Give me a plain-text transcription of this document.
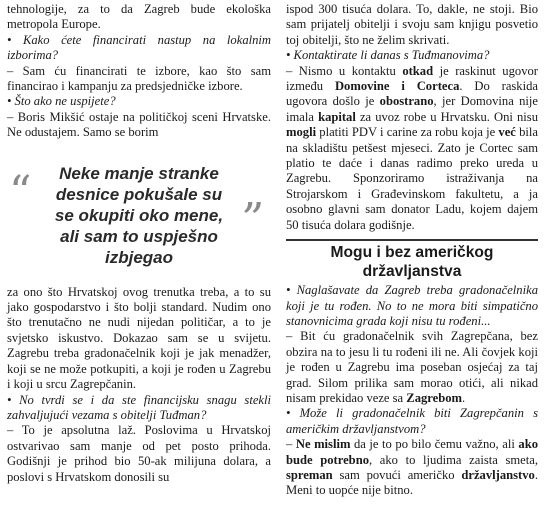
tehnologije, za to da Zagreb bude ekološka metropola Europe.

• Kako ćete financirati nastup na lokalnim izborima?

– Sam ću financirati te izbore, kao što sam financirao i kampanju za predsjedničke izbore.

• Što ako ne uspijete?

– Boris Mikšić ostaje na političkoj sceni Hrvatske. Ne odustajem. Samo se borim

“	Neke manje stranke desnice pokušale su se okupiti oko mene, ali sam to uspješno izbjegao
„

za ono što Hrvatskoj ovog trenutka treba, a to su jako gospodarstvo i što bolji standard. Nudim ono što trenutačno ne nudi nijedan političar, a to je svjetsko iskustvo. Dokazao sam se u svijetu. Zagrebu treba gradonačelnik koji je jak menadžer, koji se ne može potkupiti, a koji je rođen u Zagrebu i koji u srcu Zagrepčanin.

• No tvrdi se i da ste financijsku snagu stekli zahvaljujući vezama s obitelji Tuđman?

– To je apsolutna laž. Poslovima u Hrvatskoj ostvarivao sam manje od pet posto prihoda. Godišnji je prihod bio 50-ak milijuna dolara, a poslovi s Hrvatskom donosili su

ispod 300 tisuća dolara. To, dakle, ne stoji. Bio sam prijatelj obitelji i svoju sam knjigu posvetio toj obitelji, što ne želim skrivati.

• Kontaktirate li danas s Tuđmanovima?

– Nismo u kontaktu otkad je raskinut ugovor između Domovine i Corteca. Do raskida ugovora došlo je obostrano, jer Domovina nije imala kapital za uvoz robe u Hrvatsku. Oni nisu mogli platiti PDV i carine za robu koja je već bila na skladištu petšest mjeseci. Zato je Cortec sam platio te daće i danas radimo preko ureda u Zagrebu. Sponzoriramo istraživanja na Strojarskom i Građevinskom fakultetu, a ja osobno glavni sam donator Ladu, kojem dajem 50 tisuća dolara godišnje.

Mogu i bez američkog državljanstva

• Naglašavate da Zagreb treba gradonačelnika koji je tu rođen. No to ne mora biti simpatično stanovnicima grada koji nisu tu rođeni...

– Bit ću gradonačelnik svih Zagrepčana, bez obzira na to jesu li tu rođeni ili ne. Ali čovjek koji je rođen u Zagrebu ima poseban osjećaj za taj grad. Silom prilika sam morao otići, ali nikad nisam prekidao veze sa Zagrebom.

• Može li gradonačelnik biti Zagrepčanin s američkim državljanstvom?

– Ne mislim da je to po bilo čemu važno, ali ako bude potrebno, ako to ljudima zaista smeta, spreman sam povući američko državljanstvo. Meni to uopće nije bitno.
